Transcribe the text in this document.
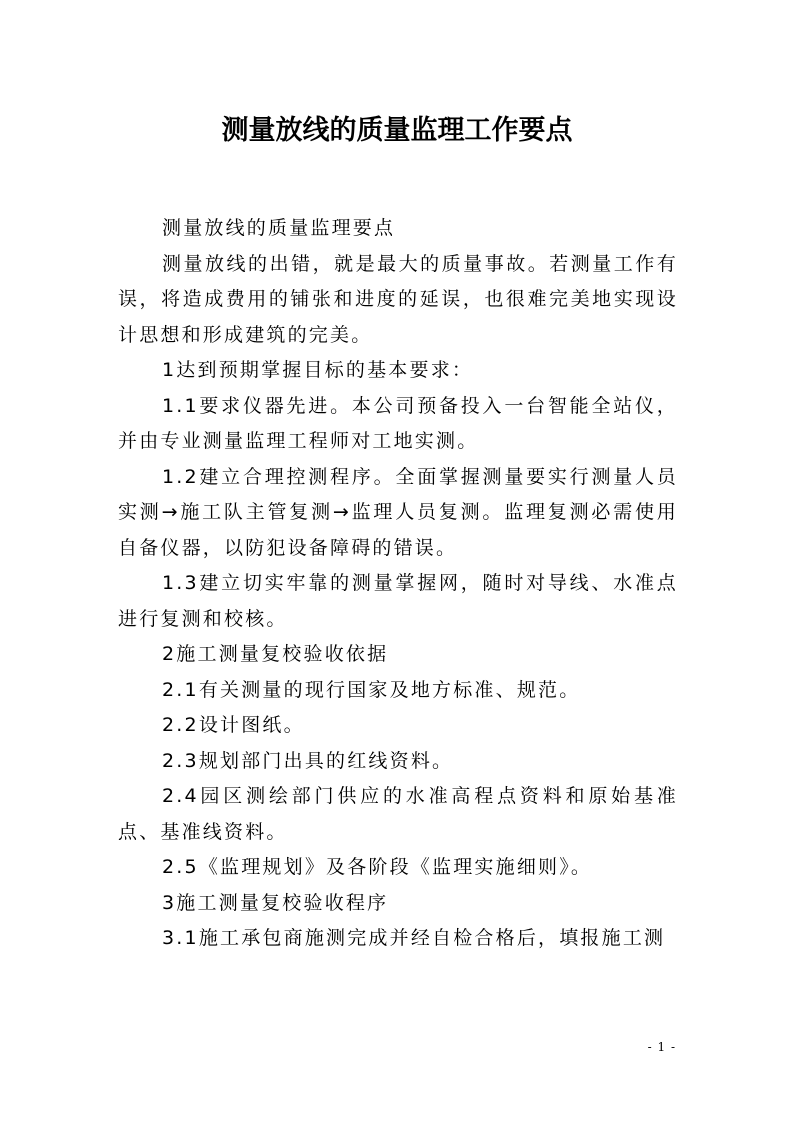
测量放线的质量监理工作要点

测量放线的质量监理要点

测量放线的出错，就是最大的质量事故。若测量工作有误，将造成费用的铺张和进度的延误，也很难完美地实现设计思想和形成建筑的完美。

1达到预期掌握目标的基本要求：

1.1要求仪器先进。本公司预备投入一台智能全站仪，并由专业测量监理工程师对工地实测。

1.2建立合理控测程序。全面掌握测量要实行测量人员实测→施工队主管复测→监理人员复测。监理复测必需使用自备仪器，以防犯设备障碍的错误。

1.3建立切实牢靠的测量掌握网，随时对导线、水准点进行复测和校核。

2施工测量复校验收依据

2.1有关测量的现行国家及地方标准、规范。

2.2设计图纸。

2.3规划部门出具的红线资料。

2.4园区测绘部门供应的水准高程点资料和原始基准点、基准线资料。

2.5《监理规划》及各阶段《监理实施细则》。

3施工测量复校验收程序

3.1施工承包商施测完成并经自检合格后，填报施工测

- 1 -
